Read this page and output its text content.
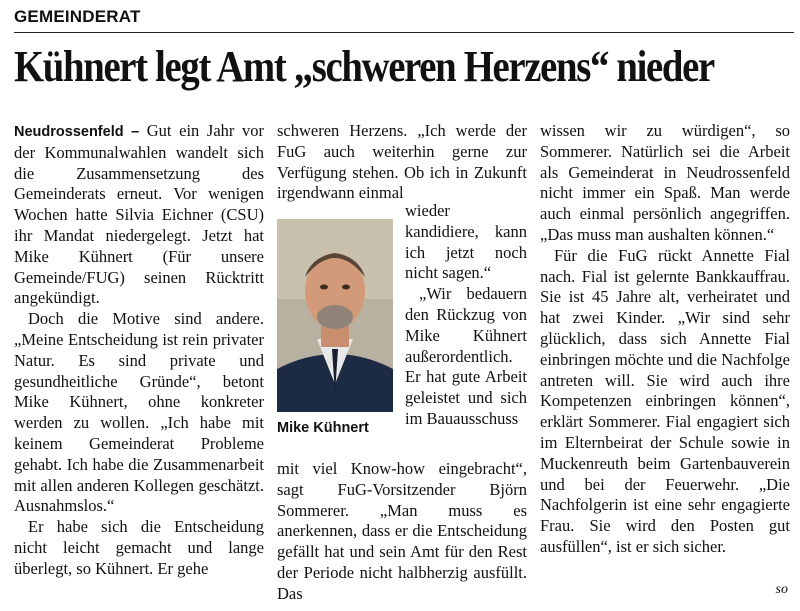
GEMEINDERAT
Kühnert legt Amt „schweren Herzens“ nieder

Neudrossenfeld – Gut ein Jahr vor der Kommunalwahlen wandelt sich die Zusammensetzung des Gemeinderats erneut. Vor wenigen Wochen hatte Silvia Eichner (CSU) ihr Mandat niedergelegt. Jetzt hat Mike Kühnert (Für unsere Gemeinde/FUG) seinen Rücktritt angekündigt.

Doch die Motive sind andere. „Meine Entscheidung ist rein privater Natur. Es sind private und gesundheitliche Gründe“, betont Mike Kühnert, ohne konkreter werden zu wollen. „Ich habe mit keinem Gemeinderat Probleme gehabt. Ich habe die Zusammenarbeit mit allen anderen Kollegen geschätzt. Ausnahmslos.“

Er habe sich die Entscheidung nicht leicht gemacht und lange überlegt, so Kühnert. Er gehe

schweren Herzens. „Ich werde der FuG auch weiterhin gerne zur Verfügung stehen. Ob ich in Zukunft irgendwann einmal

Mike Kühnert

wieder kandidiere, kann ich jetzt noch nicht sagen.“

„Wir bedauern den Rückzug von Mike Kühnert außerordentlich. Er hat gute Arbeit geleistet und sich im Bauausschuss

mit viel Know-how eingebracht“, sagt FuG-Vorsitzender Björn Sommerer. „Man muss es anerkennen, dass er die Entscheidung gefällt hat und sein Amt für den Rest der Periode nicht halbherzig ausfüllt. Das

wissen wir zu würdigen“, so Sommerer. Natürlich sei die Arbeit als Gemeinderat in Neudrossenfeld nicht immer ein Spaß. Man werde auch einmal persönlich angegriffen. „Das muss man aushalten können.“

Für die FuG rückt Annette Fial nach. Fial ist gelernte Bankkauffrau. Sie ist 45 Jahre alt, verheiratet und hat zwei Kinder. „Wir sind sehr glücklich, dass sich Annette Fial einbringen möchte und die Nachfolge antreten will. Sie wird auch ihre Kompetenzen einbringen können“, erklärt Sommerer. Fial engagiert sich im Elternbeirat der Schule sowie in Muckenreuth beim Gartenbauverein und bei der Feuerwehr. „Die Nachfolgerin ist eine sehr engagierte Frau. Sie wird den Posten gut ausfüllen“, ist er sich sicher.

so
